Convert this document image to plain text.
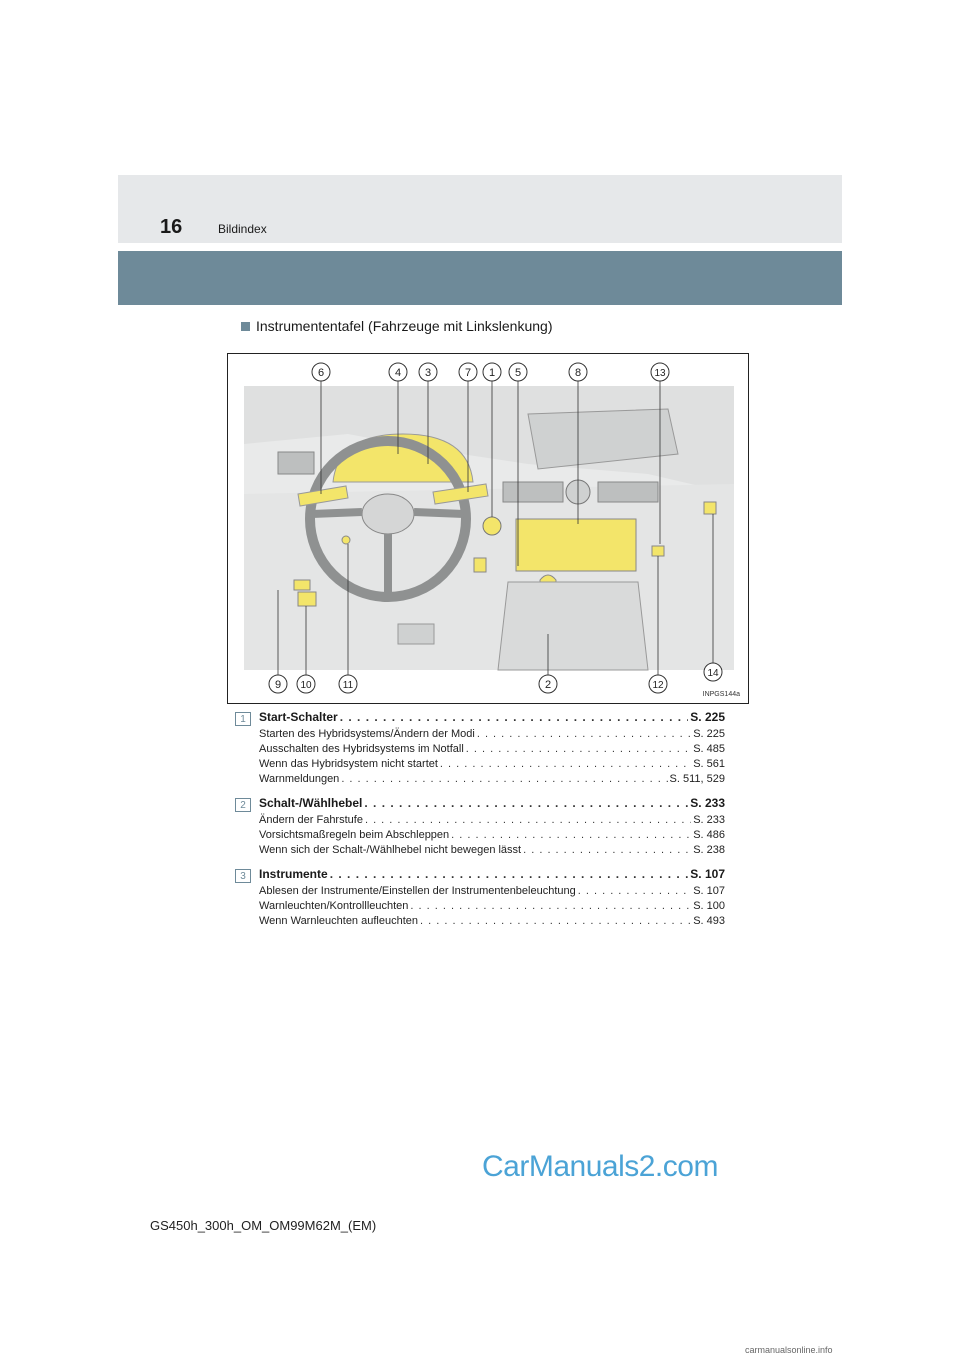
16	Bildindex
Instrumententafel (Fahrzeuge mit Linkslenkung)
6	4 3	7 1 5	8	13
9 10	11	2	12
14
INPGS144a
1	Start-Schalter . . .	S. 225
Starten des Hybridsystems/Ändern der Modi . . .	S. 225
Ausschalten des Hybridsystems im Notfall . . .	S. 485
Wenn das Hybridsystem nicht startet . . .	S. 561
Warnmeldungen . . .	S. 511, 529
2	Schalt-/Wählhebel . . .	S. 233
Ändern der Fahrstufe . . .	S. 233
Vorsichtsmaßregeln beim Abschleppen . . .	S. 486
Wenn sich der Schalt-/Wählhebel nicht bewegen lässt . . .	S. 238
3	Instrumente . . .	S. 107
Ablesen der Instrumente/Einstellen der Instrumentenbeleuchtung . . .	S. 107
Warnleuchten/Kontrollleuchten . . .	S. 100
Wenn Warnleuchten aufleuchten . . .	S. 493
CarManuals2.com
GS450h_300h_OM_OM99M62M_(EM)
carmanualsonline.info
